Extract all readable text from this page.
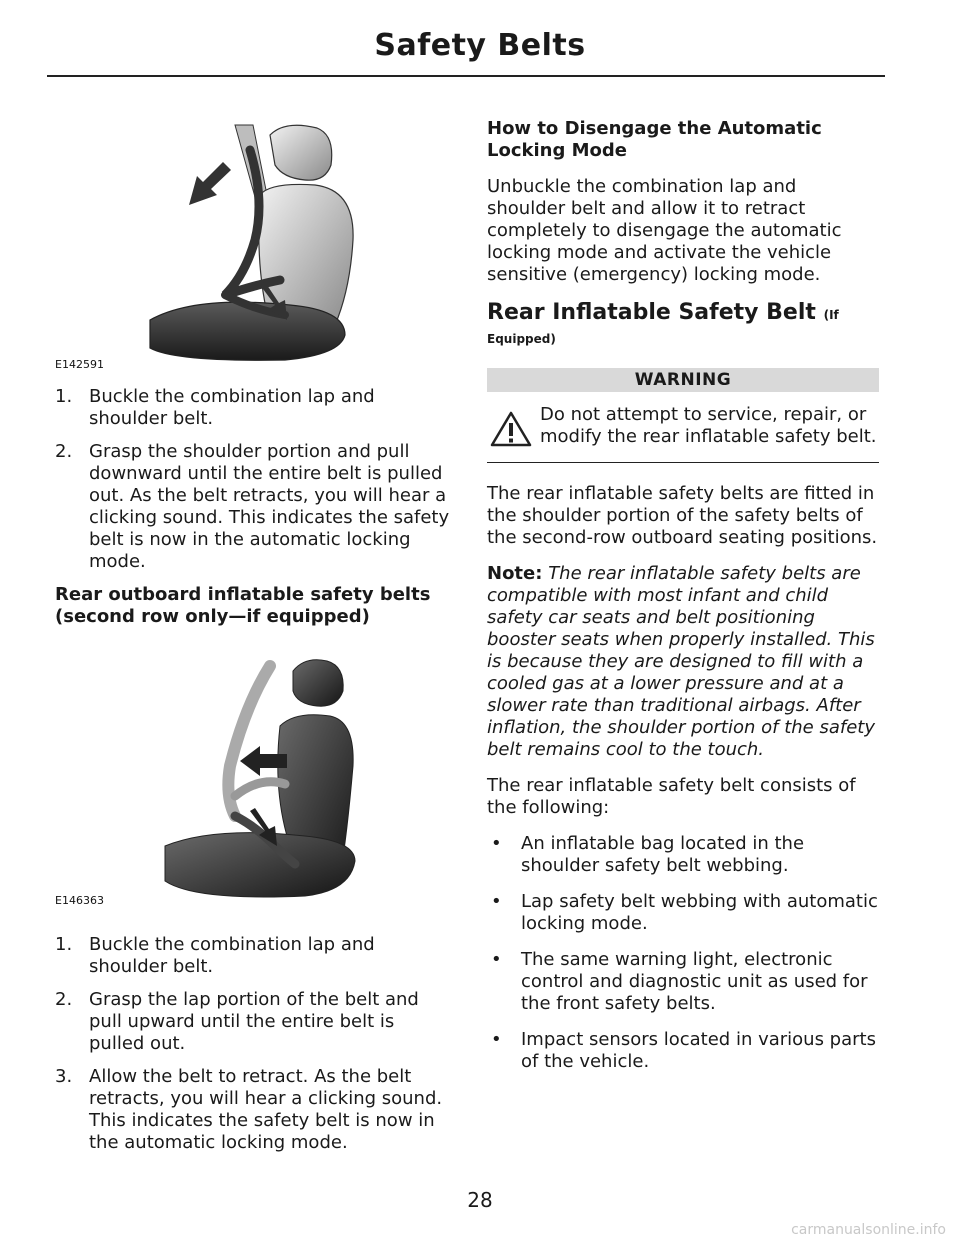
Safety Belts
E142591
1. Buckle the combination lap and shoulder belt.
2. Grasp the shoulder portion and pull downward until the entire belt is pulled out. As the belt retracts, you will hear a clicking sound. This indicates the safety belt is now in the automatic locking mode.
Rear outboard inflatable safety belts (second row only—if equipped)
E146363
1. Buckle the combination lap and shoulder belt.
2. Grasp the lap portion of the belt and pull upward until the entire belt is pulled out.
3. Allow the belt to retract. As the belt retracts, you will hear a clicking sound. This indicates the safety belt is now in the automatic locking mode.
How to Disengage the Automatic Locking Mode

Unbuckle the combination lap and shoulder belt and allow it to retract completely to disengage the automatic locking mode and activate the vehicle sensitive (emergency) locking mode.

Rear Inflatable Safety Belt (If
Equipped)
WARNING
Do not attempt to service, repair, or modify the rear inflatable safety belt.

The rear inflatable safety belts are fitted in the shoulder portion of the safety belts of the second-row outboard seating positions.

Note: The rear inflatable safety belts are compatible with most infant and child safety car seats and belt positioning booster seats when properly installed. This is because they are designed to fill with a cooled gas at a lower pressure and at a slower rate than traditional airbags. After inflation, the shoulder portion of the safety belt remains cool to the touch.

The rear inflatable safety belt consists of the following:

• An inflatable bag located in the shoulder safety belt webbing.
• Lap safety belt webbing with automatic locking mode.
• The same warning light, electronic control and diagnostic unit as used for the front safety belts.
• Impact sensors located in various parts of the vehicle.
28
carmanualsonline.info
